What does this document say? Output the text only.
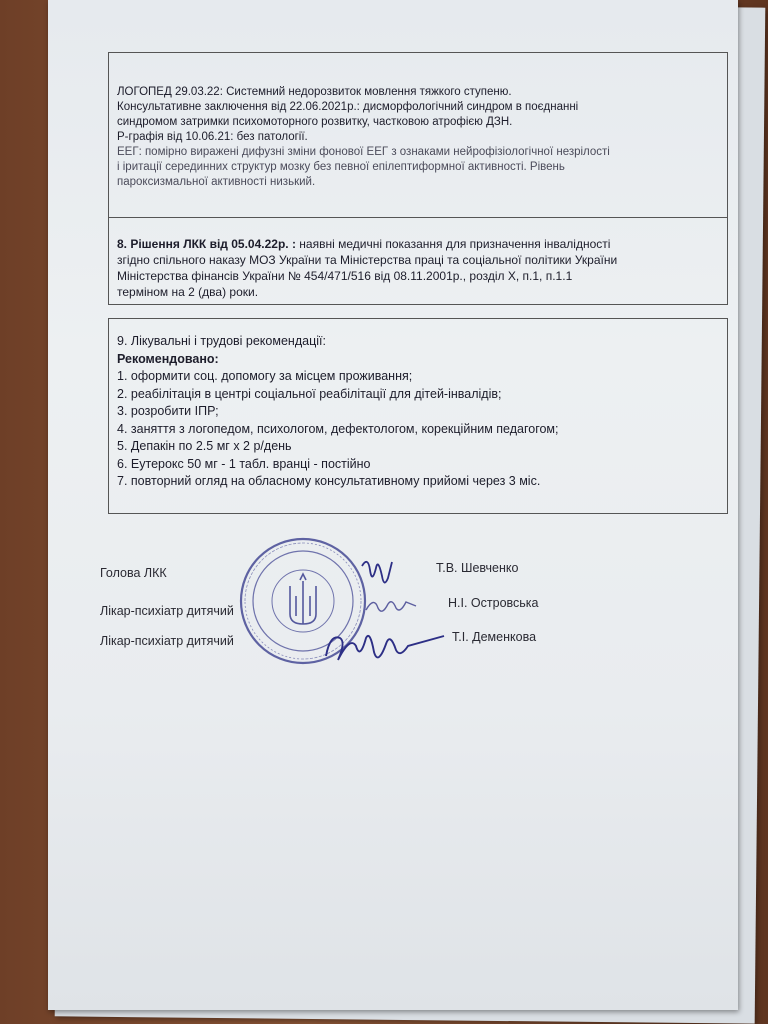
ЛОГОПЕД 29.03.22: Системний недорозвиток мовлення тяжкого ступеню.
Консультативне заключення від 22.06.2021р.: дисморфологічний синдром в поєднанні
синдромом затримки психомоторного розвитку, частковою атрофією ДЗН.
Р-графія від 10.06.21: без патології.
ЕЕГ: помірно виражені дифузні зміни фонової ЕЕГ з ознаками нейрофізіологічної незрілості
і іритації серединних структур мозку без певної епілептиформної активності. Рівень
пароксизмальної активності низький.
8. Рішення ЛКК від 05.04.22р. : наявні медичні показання для призначення інвалідності
згідно спільного наказу МОЗ України та Міністерства праці та соціальної політики України
Міністерства фінансів України № 454/471/516 від 08.11.2001р., розділ Х, п.1, п.1.1
терміном на 2 (два) роки.
9. Лікувальні і трудові рекомендації:
Рекомендовано:
1. оформити соц. допомогу за місцем проживання;
2. реабілітація в центрі соціальної реабілітації для дітей-інвалідів;
3. розробити ІПР;
4. заняття з логопедом, психологом, дефектологом, корекційним педагогом;
5. Депакін по 2.5 мг х 2 р/день
6. Еутерокс 50 мг - 1 табл. вранці - постійно
7. повторний огляд на обласному консультативному прийомі через 3 міс.
Голова ЛКК	Т.В. Шевченко
Лікар-психіатр дитячий
Н.І. Островська
Лікар-психіатр дитячий	Т.І. Деменкова
